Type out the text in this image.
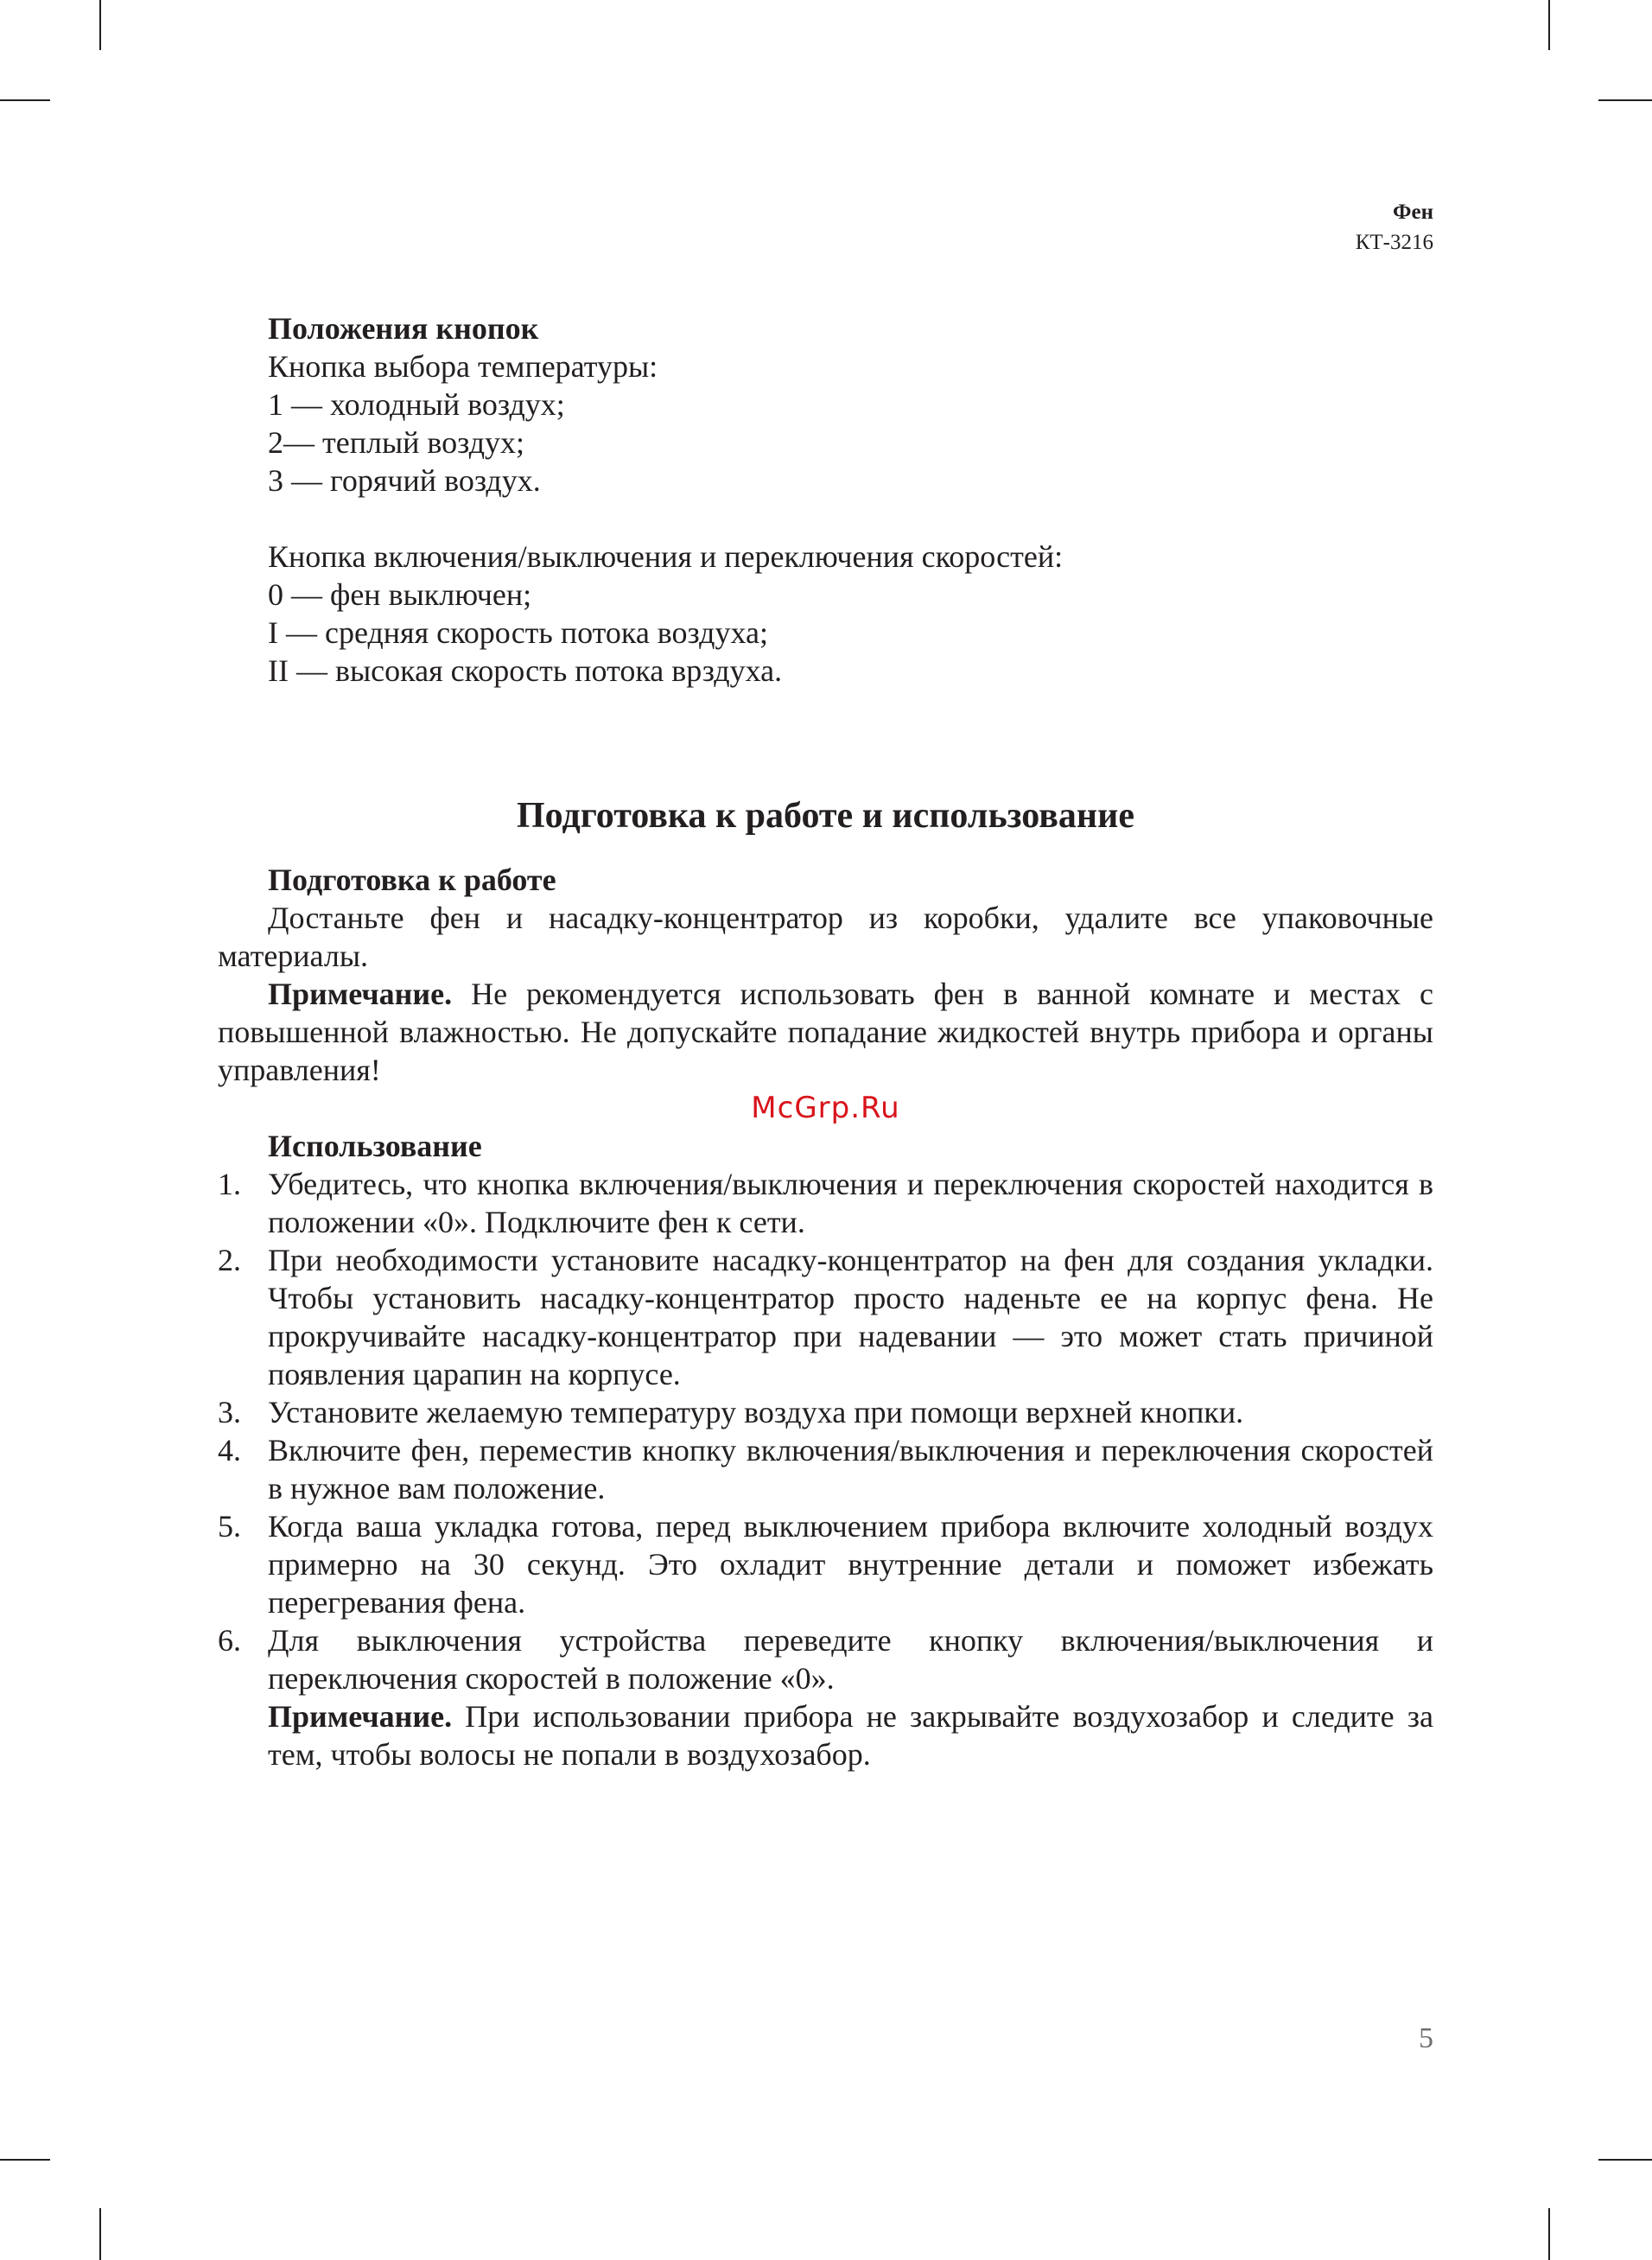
Фен
КТ-3216
Положения кнопок
Кнопка выбора температуры:
1 — холодный воздух;
2— теплый воздух;
3 — горячий воздух.
Кнопка включения/выключения и переключения скоростей:
0 — фен выключен;
I — средняя скорость потока воздуха;
II — высокая скорость потока врздуха.
Подготовка к работе и использование
Подготовка к работе

Достаньте фен и насадку-концентратор из коробки, удалите все упаковочные материалы.

Примечание. Не рекомендуется использовать фен в ванной комнате и местах с повышенной влажностью. Не допускайте попадание жидкостей внутрь прибора и органы управления!

McGrp.Ru
Использование
1. Убедитесь, что кнопка включения/выключения и переключения скоростей находится в положении «0». Подключите фен к сети.
2. При необходимости установите насадку-концентратор на фен для создания укладки. Чтобы установить насадку-концентратор просто наденьте ее на корпус фена. Не прокручивайте насадку-концентратор при надевании — это может стать причиной появления царапин на корпусе.
3. Установите желаемую температуру воздуха при помощи верхней кнопки.
4. Включите фен, переместив кнопку включения/выключения и переключения скоростей в нужное вам положение.
5. Когда ваша укладка готова, перед выключением прибора включите холодный воздух примерно на 30 секунд. Это охладит внутренние детали и поможет избежать перегревания фена.
6. Для выключения устройства переведите кнопку включения/выключения и переключения скоростей в положение «0».

Примечание. При использовании прибора не закрывайте воздухозабор и следите за тем, чтобы волосы не попали в воздухозабор.

5
